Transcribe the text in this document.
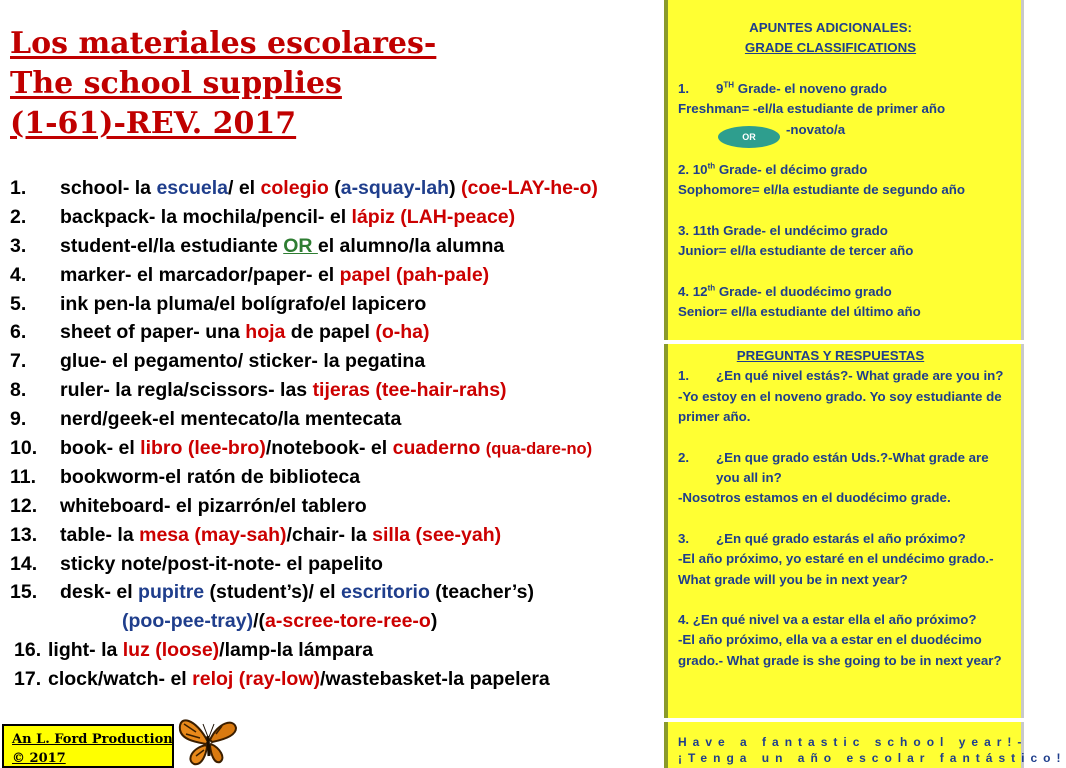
Los materiales escolares-
The school supplies
(1-61)-REV. 2017
1. school- la escuela/ el colegio (a-squay-lah) (coe-LAY-he-o)
2. backpack- la mochila/pencil- el lápiz (LAH-peace)
3. student-el/la estudiante OR el alumno/la alumna
4. marker- el marcador/paper- el papel (pah-pale)
5. ink pen-la pluma/el bolígrafo/el lapicero
6. sheet of paper- una hoja de papel (o-ha)
7. glue- el pegamento/ sticker- la pegatina
8. ruler- la regla/scissors- las tijeras (tee-hair-rahs)
9. nerd/geek-el mentecato/la mentecata
10. book- el libro (lee-bro)/notebook- el cuaderno (qua-dare-no)
11. bookworm-el ratón de biblioteca
12. whiteboard- el pizarrón/el tablero
13. table- la mesa (may-sah)/chair- la silla (see-yah)
14. sticky note/post-it-note- el papelito
15. desk- el pupitre (student’s)/ el escritorio (teacher’s)
(poo-pee-tray)/(a-scree-tore-ree-o)
16. light- la luz (loose)/lamp-la lámpara
17. clock/watch- el reloj (ray-low)/wastebasket-la papelera
An L. Ford Production
© 2017
APUNTES ADICIONALES:
GRADE CLASSIFICATIONS
1. 9TH Grade- el noveno grado
Freshman= -el/la estudiante de primer año
-novato/a
OR
2. 10th Grade- el décimo grado
Sophomore= el/la estudiante de segundo año
3. 11th Grade- el undécimo grado
Junior= el/la estudiante de tercer año
4. 12th Grade- el duodécimo grado
Senior= el/la estudiante del último año
PREGUNTAS Y RESPUESTAS
1. ¿En qué nivel estás?- What grade are you in?
-Yo estoy en el noveno grado. Yo soy estudiante de primer año.
2. ¿En que grado están Uds.?-What grade are you all in?
-Nosotros estamos en el duodécimo grade.
3. ¿En qué grado estarás el año próximo?
-El año próximo, yo estaré en el undécimo grado.-What grade will you be in next year?
4. ¿En qué nivel va a estar ella el año próximo?
-El año próximo, ella va a estar en el duodécimo grado.- What grade is she going to be in next year?
Have a fantastic school year!-
¡Tenga un año escolar fantástico!
